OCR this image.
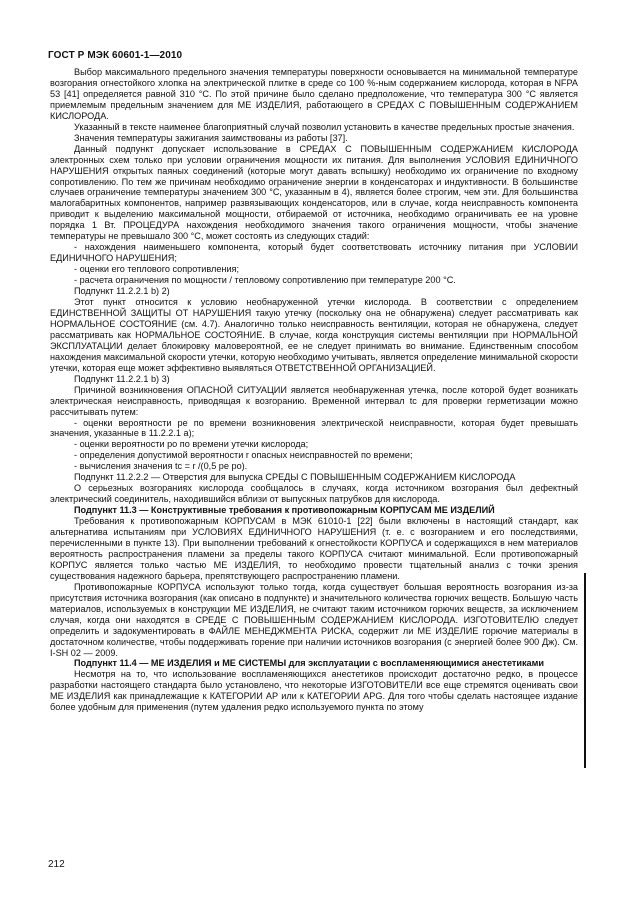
ГОСТ Р МЭК 60601-1—2010

Выбор максимального предельного значения температуры поверхности основывается на минимальной температуре возгорания огнестойкого хлопка на электрической плитке в среде со 100 %-ным содержанием кислорода, которая в NFPA 53 [41] определяется равной 310 °С. По этой причине было сделано предположение, что температура 300 °С является приемлемым предельным значением для МЕ ИЗДЕЛИЯ, работающего в СРЕДАХ С ПОВЫШЕННЫМ СОДЕРЖАНИЕМ КИСЛОРОДА.

Указанный в тексте наименее благоприятный случай позволил установить в качестве предельных простые значения.

Значения температуры зажигания заимствованы из работы [37].

Данный подпункт допускает использование в СРЕДАХ С ПОВЫШЕННЫМ СОДЕРЖАНИЕМ КИСЛОРОДА электронных схем только при условии ограничения мощности их питания. Для выполнения УСЛОВИЯ ЕДИНИЧНОГО НАРУШЕНИЯ открытых паяных соединений (которые могут давать вспышку) необходимо их ограничение по входному сопротивлению. По тем же причинам необходимо ограничение энергии в конденсаторах и индуктивности. В большинстве случаев ограничение температуры значением 300 °С, указанным в 4), является более строгим, чем эти. Для большинства малогабаритных компонентов, например развязывающих конденсаторов, или в случае, когда неисправность компонента приводит к выделению максимальной мощности, отбираемой от источника, необходимо ограничивать ее на уровне порядка 1 Вт. ПРОЦЕДУРА нахождения необходимого значения такого ограничения мощности, чтобы значение температуры не превышало 300 °С, может состоять из следующих стадий:

- нахождения наименьшего компонента, который будет соответствовать источнику питания при УСЛОВИИ ЕДИНИЧНОГО НАРУШЕНИЯ;

- оценки его теплового сопротивления;

- расчета ограничения по мощности / тепловому сопротивлению при температуре 200 °С.

Подпункт 11.2.2.1 b) 2)

Этот пункт относится к условию необнаруженной утечки кислорода. В соответствии с определением ЕДИНСТВЕННОЙ ЗАЩИТЫ ОТ НАРУШЕНИЯ такую утечку (поскольку она не обнаружена) следует рассматривать как НОРМАЛЬНОЕ СОСТОЯНИЕ (см. 4.7). Аналогично только неисправность вентиляции, которая не обнаружена, следует рассматривать как НОРМАЛЬНОЕ СОСТОЯНИЕ. В случае, когда конструкция системы вентиляции при НОРМАЛЬНОЙ ЭКСПЛУАТАЦИИ делает блокировку маловероятной, ее не следует принимать во внимание. Единственным способом нахождения максимальной скорости утечки, которую необходимо учитывать, является определение минимальной скорости утечки, которая еще может эффективно выявляться ОТВЕТСТВЕННОЙ ОРГАНИЗАЦИЕЙ.

Подпункт 11.2.2.1 b) 3)

Причиной возникновения ОПАСНОЙ СИТУАЦИИ является необнаруженная утечка, после которой будет возникать электрическая неисправность, приводящая к возгоранию. Временной интервал tc для проверки герметизации можно рассчитывать путем:

- оценки вероятности pe по времени возникновения электрической неисправности, которая будет превышать значения, указанные в 11.2.2.1 а);

- оценки вероятности po по времени утечки кислорода;

- определения допустимой вероятности r опасных неисправностей по времени;

- вычисления значения tc = r /(0,5 pe po).

Подпункт 11.2.2.2 — Отверстия для выпуска СРЕДЫ С ПОВЫШЕННЫМ СОДЕРЖАНИЕМ КИСЛОРОДА

О серьезных возгораниях кислорода сообщалось в случаях, когда источником возгорания был дефектный электрический соединитель, находившийся вблизи от выпускных патрубков для кислорода.

Подпункт 11.3 — Конструктивные требования к противопожарным КОРПУСАМ МЕ ИЗДЕЛИЙ

Требования к противопожарным КОРПУСАМ в МЭК 61010-1 [22] были включены в настоящий стандарт, как альтернатива испытаниям при УСЛОВИЯХ ЕДИНИЧНОГО НАРУШЕНИЯ (т. е. с возгоранием и его последствиями, перечисленными в пункте 13). При выполнении требований к огнестойкости КОРПУСА и содержащихся в нем материалов вероятность распространения пламени за пределы такого КОРПУСА считают минимальной. Если противопожарный КОРПУС является только частью МЕ ИЗДЕЛИЯ, то необходимо провести тщательный анализ с точки зрения существования надежного барьера, препятствующего распространению пламени.

Противопожарные КОРПУСА используют только тогда, когда существует большая вероятность возгорания из-за присутствия источника возгорания (как описано в подпункте) и значительного количества горючих веществ. Большую часть материалов, используемых в конструкции МЕ ИЗДЕЛИЯ, не считают таким источником горючих веществ, за исключением случая, когда они находятся в СРЕДЕ С ПОВЫШЕННЫМ СОДЕРЖАНИЕМ КИСЛОРОДА. ИЗГОТОВИТЕЛЮ следует определить и задокументировать в ФАЙЛЕ МЕНЕДЖМЕНТА РИСКА, содержит ли МЕ ИЗДЕЛИЕ горючие материалы в достаточном количестве, чтобы поддерживать горение при наличии источников возгорания (с энергией более 900 Дж). См. I-SH 02 — 2009.

Подпункт 11.4 — МЕ ИЗДЕЛИЯ и МЕ СИСТЕМЫ для эксплуатации с воспламеняющимися анестетиками

Несмотря на то, что использование воспламеняющихся анестетиков происходит достаточно редко, в процессе разработки настоящего стандарта было установлено, что некоторые ИЗГОТОВИТЕЛИ все еще стремятся оценивать свои МЕ ИЗДЕЛИЯ как принадлежащие к КАТЕГОРИИ АР или к КАТЕГОРИИ APG. Для того чтобы сделать настоящее издание более удобным для применения (путем удаления редко используемого пункта по этому

212
